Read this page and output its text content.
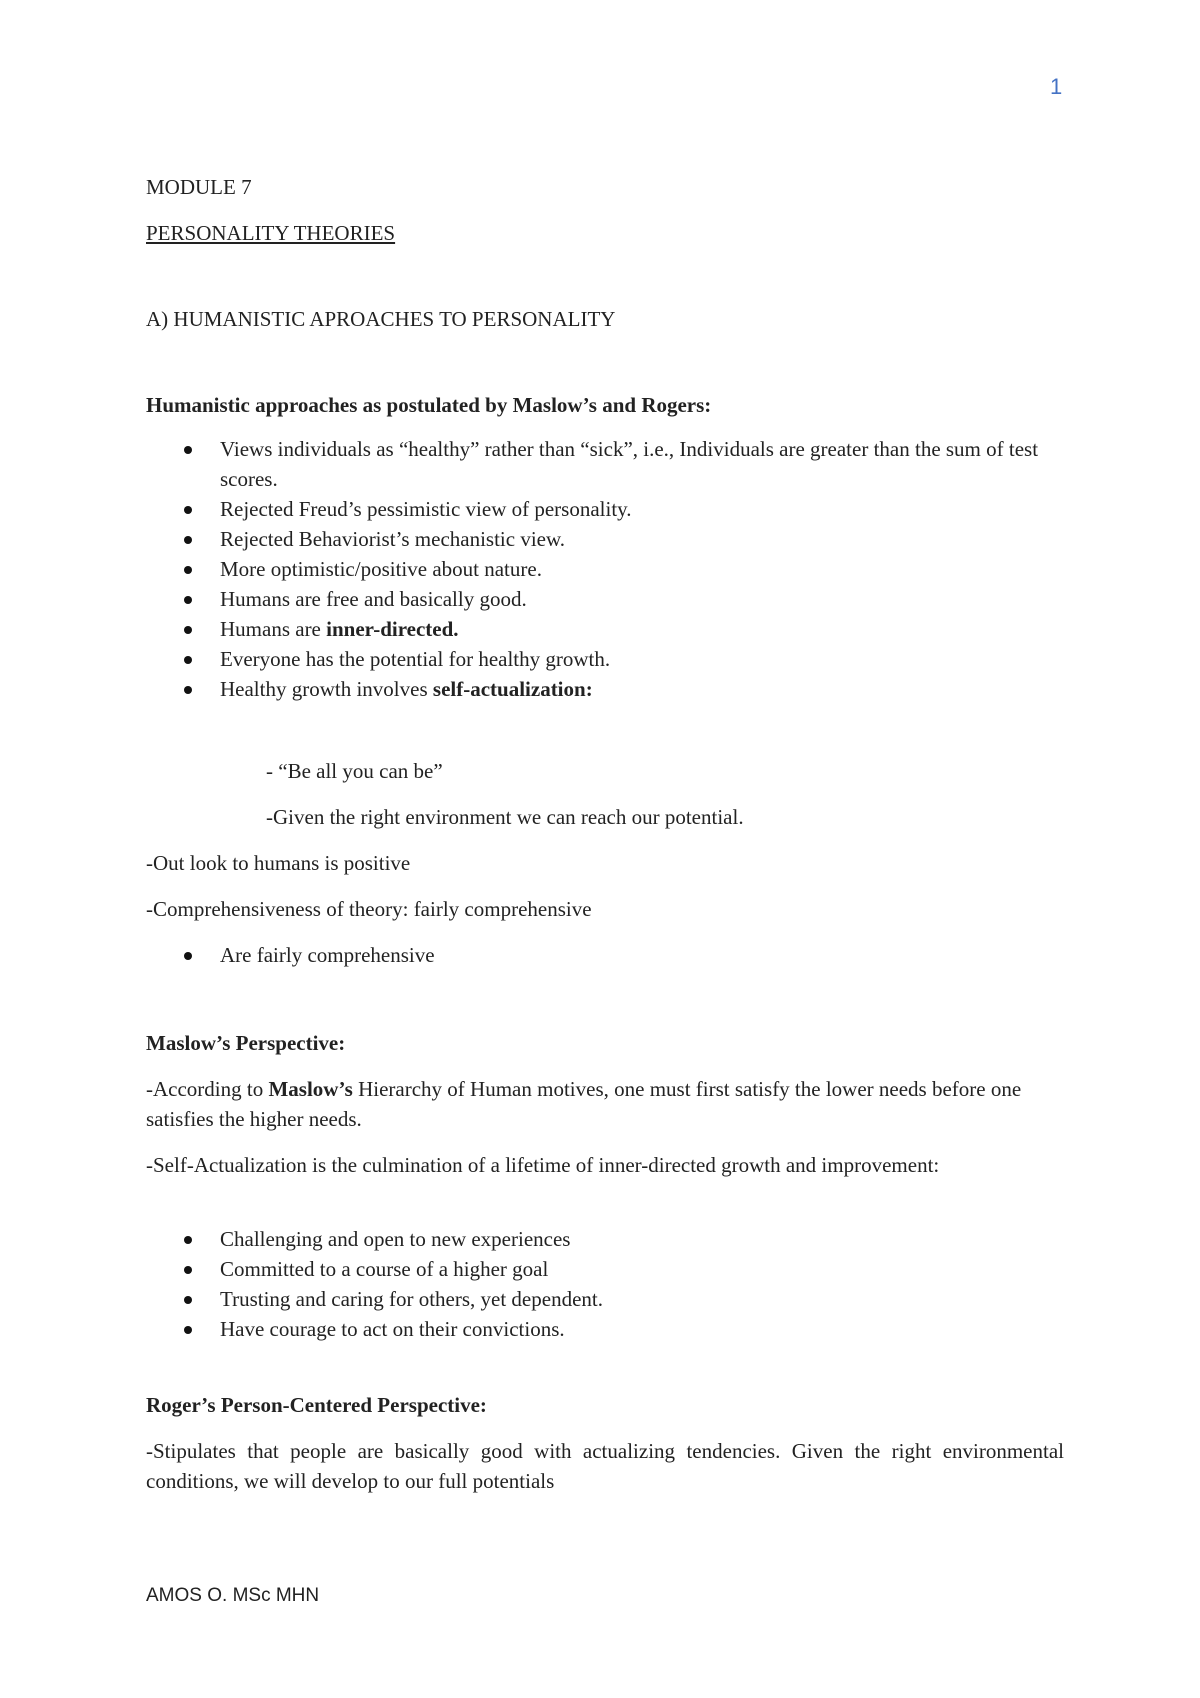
1

MODULE 7

PERSONALITY THEORIES

A) HUMANISTIC APROACHES TO PERSONALITY

Humanistic approaches as postulated by Maslow’s and Rogers:

Views individuals as “healthy” rather than “sick”, i.e., Individuals are greater than the sum of test scores.
Rejected Freud’s pessimistic view of personality.
Rejected Behaviorist’s mechanistic view.
More optimistic/positive about nature.
Humans are free and basically good.
Humans are inner-directed.
Everyone has the potential for healthy growth.
Healthy growth involves self-actualization:

- “Be all you can be”

-Given the right environment we can reach our potential.

-Out look to humans is positive

-Comprehensiveness of theory: fairly comprehensive

Are fairly comprehensive

Maslow’s Perspective:

-According to Maslow’s Hierarchy of Human motives, one must first satisfy the lower needs before one satisfies the higher needs.

-Self-Actualization is the culmination of a lifetime of inner-directed growth and improvement:

Challenging and open to new experiences
Committed to a course of a higher goal
Trusting and caring for others, yet dependent.
Have courage to act on their convictions.

Roger’s Person-Centered Perspective:

-Stipulates that people are basically good with actualizing tendencies. Given the right environmental conditions, we will develop to our full potentials

AMOS O. MSc MHN
